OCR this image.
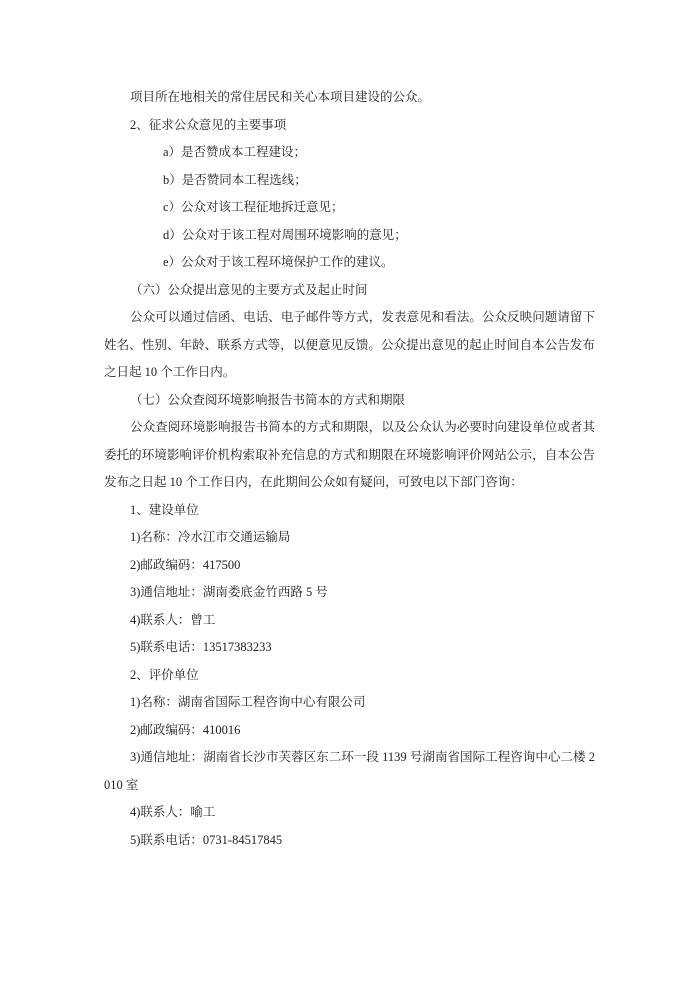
项目所在地相关的常住居民和关心本项目建设的公众。

2、征求公众意见的主要事项

a）是否赞成本工程建设；

b）是否赞同本工程选线；

c）公众对该工程征地拆迁意见；

d）公众对于该工程对周围环境影响的意见；

e）公众对于该工程环境保护工作的建议。

（六）公众提出意见的主要方式及起止时间

公众可以通过信函、电话、电子邮件等方式，发表意见和看法。公众反映问题请留下姓名、性别、年龄、联系方式等，以便意见反馈。公众提出意见的起止时间自本公告发布之日起 10 个工作日内。

（七）公众查阅环境影响报告书简本的方式和期限

公众查阅环境影响报告书简本的方式和期限，以及公众认为必要时向建设单位或者其委托的环境影响评价机构索取补充信息的方式和期限在环境影响评价网站公示，自本公告发布之日起 10 个工作日内，在此期间公众如有疑问，可致电以下部门咨询：

1、建设单位

1)名称：冷水江市交通运输局

2)邮政编码：417500

3)通信地址：湖南娄底金竹西路 5 号

4)联系人：曾工

5)联系电话：13517383233

2、评价单位

1)名称：湖南省国际工程咨询中心有限公司

2)邮政编码：410016

3)通信地址：湖南省长沙市芙蓉区东二环一段 1139 号湖南省国际工程咨询中心二楼 2010 室

4)联系人：喻工

5)联系电话：0731-84517845
